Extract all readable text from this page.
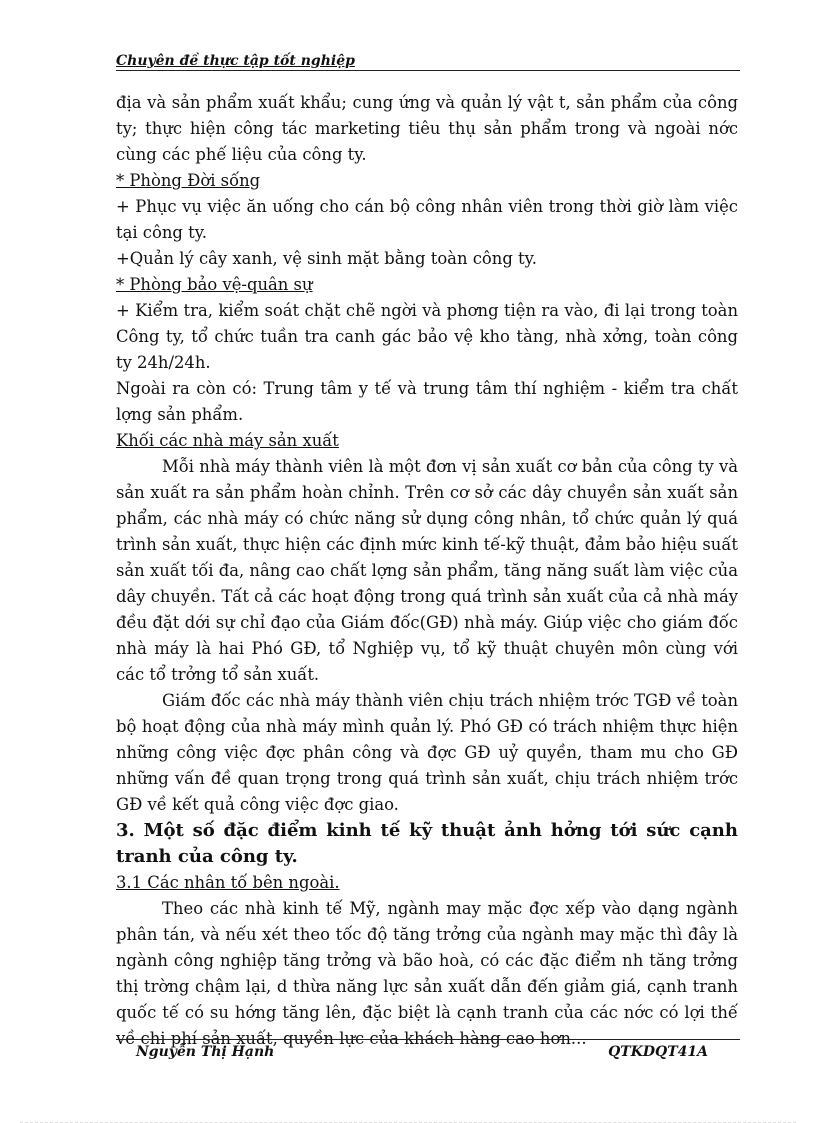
Chuyên đề thực tập tốt nghiệp

địa và sản phẩm xuất khẩu; cung ứng và quản lý vật t, sản phẩm của công ty; thực hiện công tác marketing tiêu thụ sản phẩm trong và ngoài nớc cùng các phế liệu của công ty.

* Phòng Đời sống

+ Phục vụ việc ăn uống cho cán bộ công nhân viên trong thời giờ làm việc tại công ty.

+Quản lý cây xanh, vệ sinh mặt bằng toàn công ty.

* Phòng bảo vệ-quân sự

+ Kiểm tra, kiểm soát chặt chẽ ngời và phơng tiện ra vào, đi lại trong toàn Công ty, tổ chức tuần tra canh gác bảo vệ kho tàng, nhà xởng, toàn công ty 24h/24h.

Ngoài ra còn có: Trung tâm y tế và trung tâm thí nghiệm - kiểm tra chất lợng sản phẩm.

Khối các nhà máy sản xuất

Mỗi nhà máy thành viên là một đơn vị sản xuất cơ bản của công ty và sản xuất ra sản phẩm hoàn chỉnh. Trên cơ sở các dây chuyền sản xuất sản phẩm, các nhà máy có chức năng sử dụng công nhân, tổ chức quản lý quá trình sản xuất, thực hiện các định mức kinh tế-kỹ thuật, đảm bảo hiệu suất sản xuất tối đa, nâng cao chất lợng sản phẩm, tăng năng suất làm việc của dây chuyền. Tất cả các hoạt động trong quá trình sản xuất của cả nhà máy đều đặt dới sự chỉ đạo của Giám đốc(GĐ) nhà máy. Giúp việc cho giám đốc nhà máy là hai Phó GĐ, tổ Nghiệp vụ, tổ kỹ thuật chuyên môn cùng với các tổ trởng tổ sản xuất.

Giám đốc các nhà máy thành viên chịu trách nhiệm trớc TGĐ về toàn bộ hoạt động của nhà máy mình quản lý. Phó GĐ có trách nhiệm thực hiện những công việc đợc phân công và đợc GĐ uỷ quyền, tham mu cho GĐ những vấn đề quan trọng trong quá trình sản xuất, chịu trách nhiệm trớc GĐ về kết quả công việc đợc giao.

3. Một số đặc điểm kinh tế kỹ thuật ảnh hởng tới sức cạnh tranh của công ty.

3.1 Các nhân tố bên ngoài.

Theo các nhà kinh tế Mỹ, ngành may mặc đợc xếp vào dạng ngành phân tán, và nếu xét theo tốc độ tăng trởng của ngành may mặc thì đây là ngành công nghiệp tăng trởng và bão hoà, có các đặc điểm nh tăng trởng thị trờng chậm lại, d thừa năng lực sản xuất dẫn đến giảm giá, cạnh tranh quốc tế có su hớng tăng lên, đặc biệt là cạnh tranh của các nớc có lợi thế về chi phí sản xuất, quyền lực của khách hàng cao hơn...

Nguyễn Thị Hạnh	QTKDQT41A
